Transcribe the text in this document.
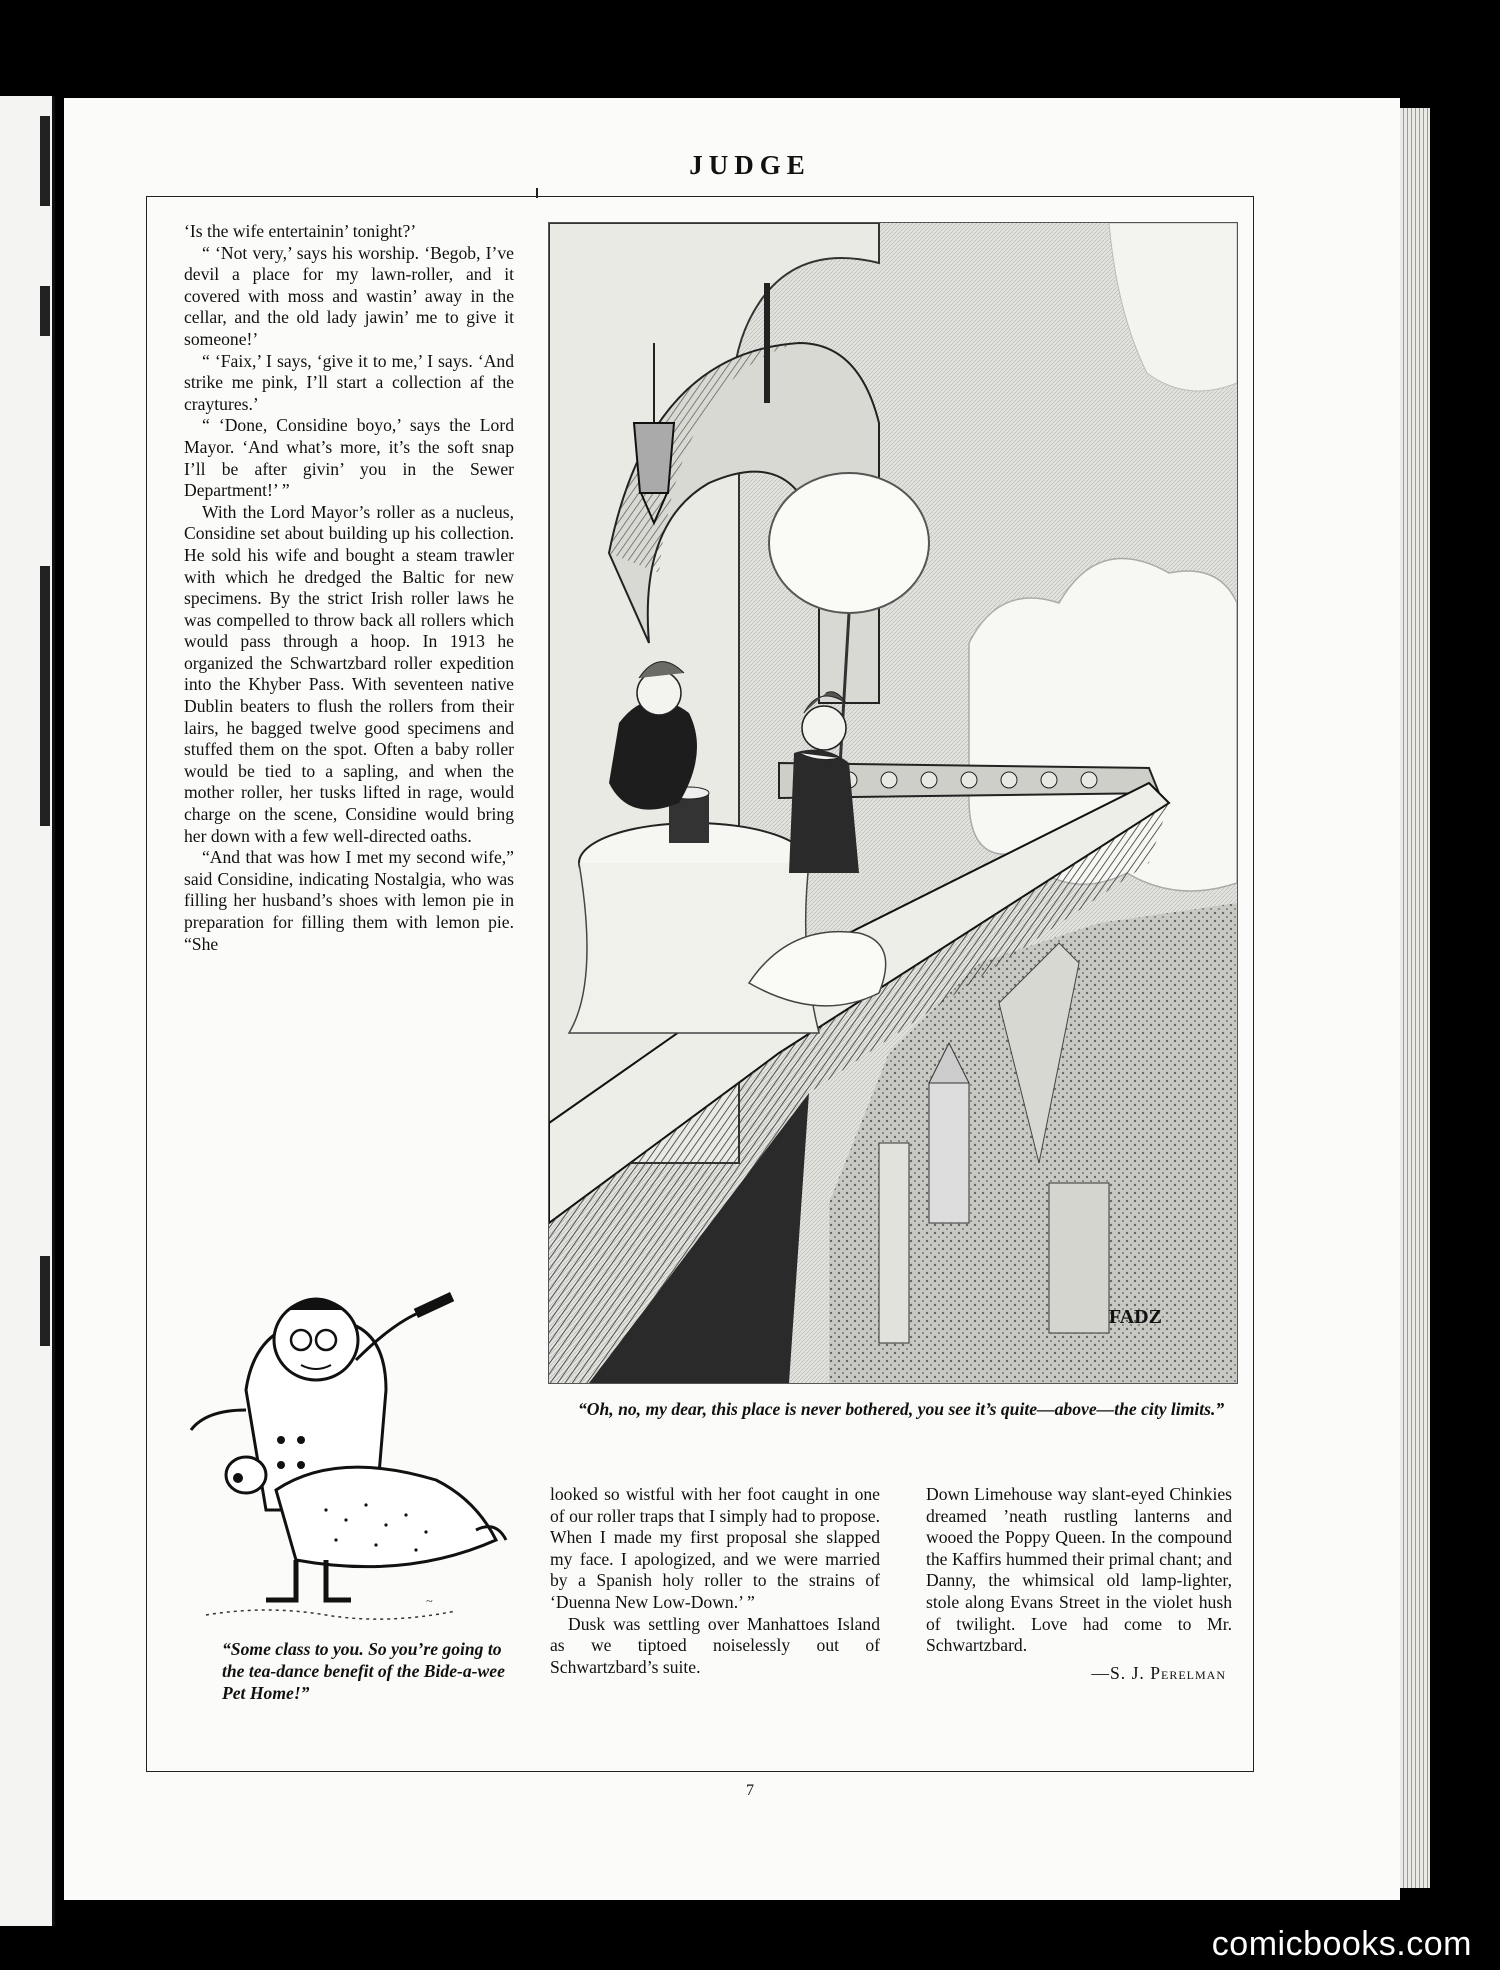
JUDGE

‘Is the wife entertainin’ tonight?’

“ ‘Not very,’ says his worship. ‘Begob, I’ve devil a place for my lawn-roller, and it covered with moss and wastin’ away in the cellar, and the old lady jawin’ me to give it someone!’

“ ‘Faix,’ I says, ‘give it to me,’ I says. ‘And strike me pink, I’ll start a collection af the craytures.’

“ ‘Done, Considine boyo,’ says the Lord Mayor. ‘And what’s more, it’s the soft snap I’ll be after givin’ you in the Sewer Department!’ ”

With the Lord Mayor’s roller as a nucleus, Considine set about building up his collection. He sold his wife and bought a steam trawler with which he dredged the Baltic for new specimens. By the strict Irish roller laws he was compelled to throw back all rollers which would pass through a hoop. In 1913 he organized the Schwartzbard roller expedition into the Khyber Pass. With seventeen native Dublin beaters to flush the rollers from their lairs, he bagged twelve good specimens and stuffed them on the spot. Often a baby roller would be tied to a sapling, and when the mother roller, her tusks lifted in rage, would charge on the scene, Considine would bring her down with a few well-directed oaths.

“And that was how I met my second wife,” said Considine, indicating Nostalgia, who was filling her husband’s shoes with lemon pie in preparation for filling them with lemon pie. “She

FADZ
“Oh, no, my dear, this place is never bothered, you see it’s quite—above—the city limits.”
~
“Some class to you. So you’re going to the tea-dance benefit of the Bide-a-wee Pet Home!”

looked so wistful with her foot caught in one of our roller traps that I simply had to propose. When I made my first proposal she slapped my face. I apologized, and we were married by a Spanish holy roller to the strains of ‘Duenna New Low-Down.’ ”

Dusk was settling over Manhattoes Island as we tiptoed noiselessly out of Schwartzbard’s suite.

Down Limehouse way slant-eyed Chinkies dreamed ’neath rustling lanterns and wooed the Poppy Queen. In the compound the Kaffirs hummed their primal chant; and Danny, the whimsical old lamp-lighter, stole along Evans Street in the violet hush of twilight. Love had come to Mr. Schwartzbard.

—S. J. Perelman
7
comicbooks.com
